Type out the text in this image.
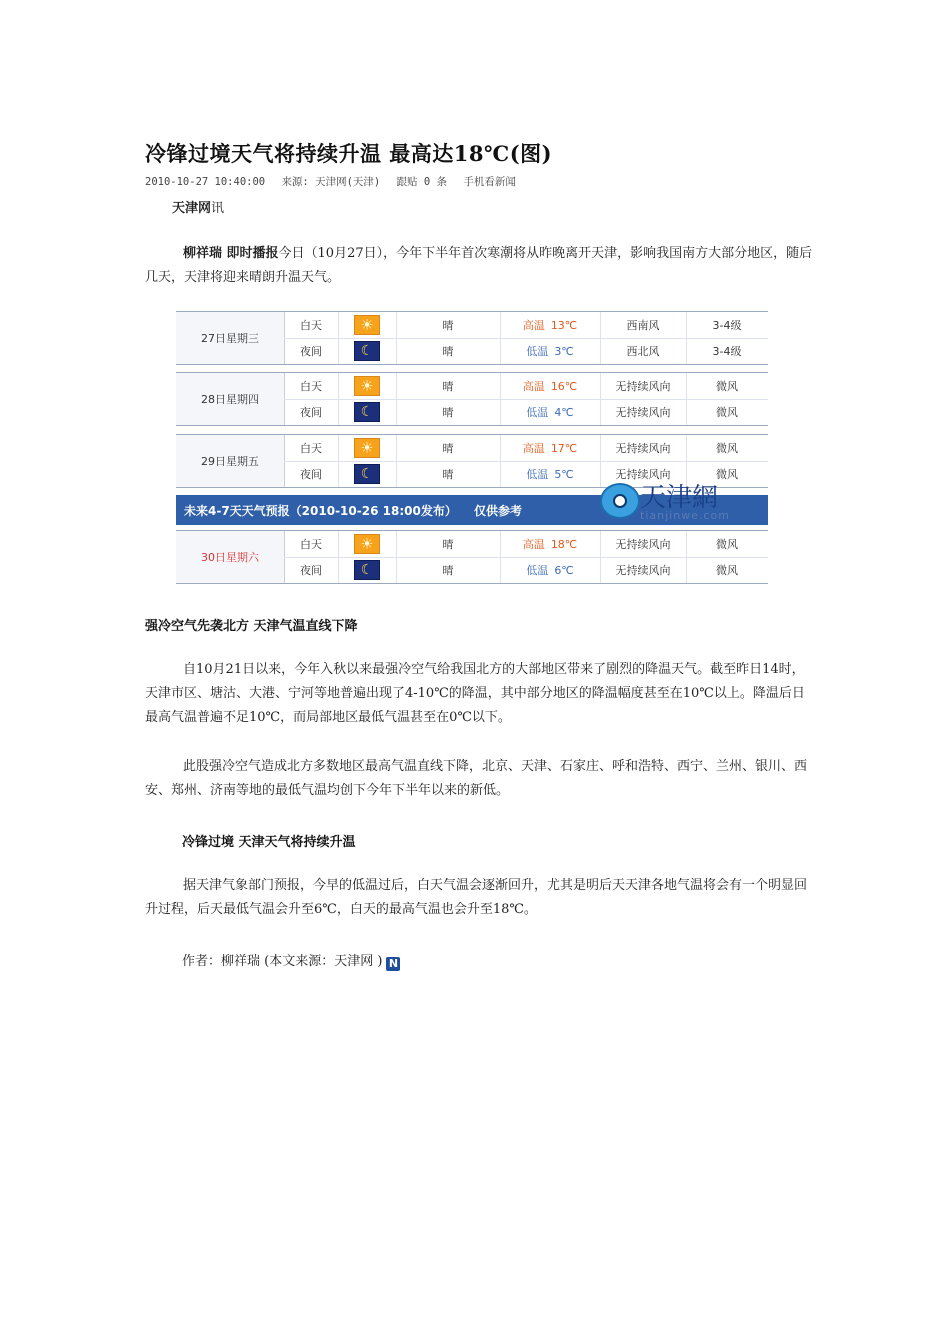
冷锋过境天气将持续升温 最高达18℃(图)
2010-10-27 10:40:00 来源: 天津网(天津) 跟贴 0 条 手机看新闻
天津网讯

柳祥瑞 即时播报今日（10月27日），今年下半年首次寒潮将从昨晚离开天津，影响我国南方大部分地区，随后几天，天津将迎来晴朗升温天气。

27日星期三
白天	☀	晴	高温 13℃	西南风	3-4级
夜间	☾	晴	低温 3℃	西北风	3-4级
28日星期四
白天	☀	晴	高温 16℃	无持续风向	微风
夜间	☾	晴	低温 4℃	无持续风向	微风
29日星期五
白天	☀	晴	高温 17℃	无持续风向	微风
夜间	☾	晴	低温 5℃	无持续风向	微风
30日星期六
白天	☀	晴	高温 18℃	无持续风向	微风
夜间	☾	晴	低温 6℃	无持续风向	微风
未来4-7天天气预报（2010-10-26 18:00发布） 仅供参考	天津網
tianjinwe.com
强冷空气先袭北方 天津气温直线下降

自10月21日以来，今年入秋以来最强冷空气给我国北方的大部地区带来了剧烈的降温天气。截至昨日14时，天津市区、塘沽、大港、宁河等地普遍出现了4-10℃的降温，其中部分地区的降温幅度甚至在10℃以上。降温后日最高气温普遍不足10℃，而局部地区最低气温甚至在0℃以下。

此股强冷空气造成北方多数地区最高气温直线下降，北京、天津、石家庄、呼和浩特、西宁、兰州、银川、西安、郑州、济南等地的最低气温均创下今年下半年以来的新低。

冷锋过境 天津天气将持续升温

据天津气象部门预报，今早的低温过后，白天气温会逐渐回升，尤其是明后天天津各地气温将会有一个明显回升过程，后天最低气温会升至6℃，白天的最高气温也会升至18℃。

作者：柳祥瑞 (本文来源：天津网 ) N
